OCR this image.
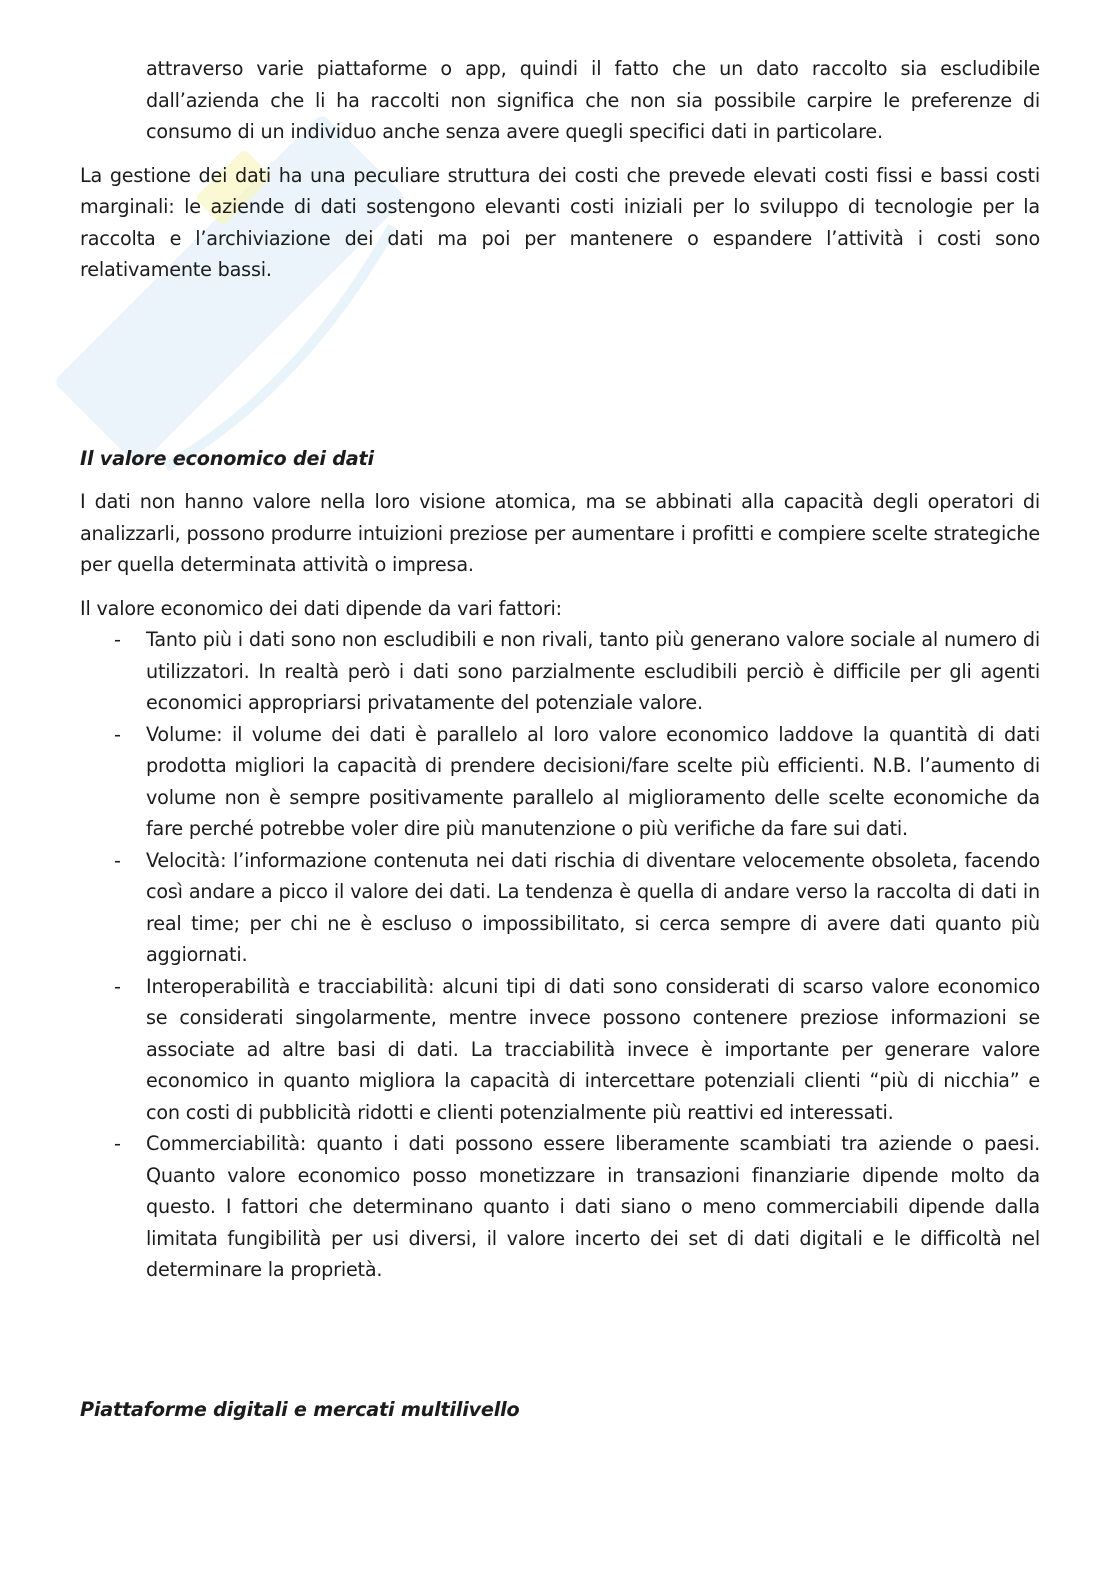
attraverso varie piattaforme o app, quindi il fatto che un dato raccolto sia escludibile dall’azienda che li ha raccolti non significa che non sia possibile carpire le preferenze di consumo di un individuo anche senza avere quegli specifici dati in particolare.

La gestione dei dati ha una peculiare struttura dei costi che prevede elevati costi fissi e bassi costi marginali: le aziende di dati sostengono elevanti costi iniziali per lo sviluppo di tecnologie per la raccolta e l’archiviazione dei dati ma poi per mantenere o espandere l’attività i costi sono relativamente bassi.

Il valore economico dei dati

I dati non hanno valore nella loro visione atomica, ma se abbinati alla capacità degli operatori di analizzarli, possono produrre intuizioni preziose per aumentare i profitti e compiere scelte strategiche per quella determinata attività o impresa.

Il valore economico dei dati dipende da vari fattori:

- Tanto più i dati sono non escludibili e non rivali, tanto più generano valore sociale al numero di utilizzatori. In realtà però i dati sono parzialmente escludibili perciò è difficile per gli agenti economici appropriarsi privatamente del potenziale valore.
- Volume: il volume dei dati è parallelo al loro valore economico laddove la quantità di dati prodotta migliori la capacità di prendere decisioni/fare scelte più efficienti. N.B. l’aumento di volume non è sempre positivamente parallelo al miglioramento delle scelte economiche da fare perché potrebbe voler dire più manutenzione o più verifiche da fare sui dati.
- Velocità: l’informazione contenuta nei dati rischia di diventare velocemente obsoleta, facendo così andare a picco il valore dei dati. La tendenza è quella di andare verso la raccolta di dati in real time; per chi ne è escluso o impossibilitato, si cerca sempre di avere dati quanto più aggiornati.
- Interoperabilità e tracciabilità: alcuni tipi di dati sono considerati di scarso valore economico se considerati singolarmente, mentre invece possono contenere preziose informazioni se associate ad altre basi di dati. La tracciabilità invece è importante per generare valore economico in quanto migliora la capacità di intercettare potenziali clienti “più di nicchia” e con costi di pubblicità ridotti e clienti potenzialmente più reattivi ed interessati.
- Commerciabilità: quanto i dati possono essere liberamente scambiati tra aziende o paesi. Quanto valore economico posso monetizzare in transazioni finanziarie dipende molto da questo. I fattori che determinano quanto i dati siano o meno commerciabili dipende dalla limitata fungibilità per usi diversi, il valore incerto dei set di dati digitali e le difficoltà nel determinare la proprietà.

Piattaforme digitali e mercati multilivello
